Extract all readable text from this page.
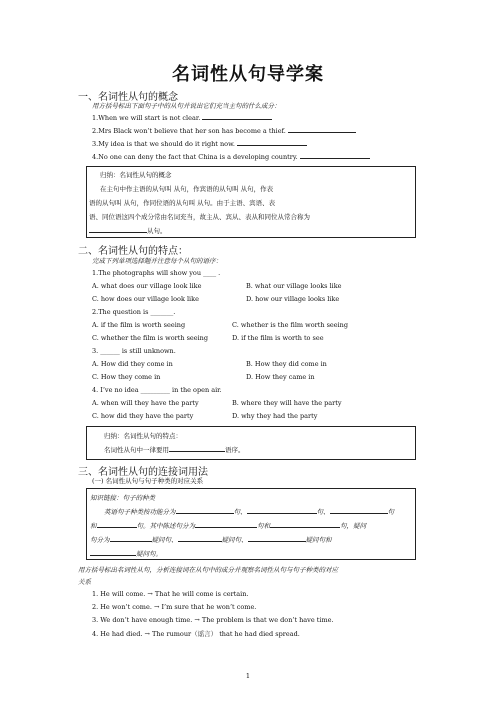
名词性从句导学案
一、名词性从句的概念
用方括号标出下面句子中的从句并说出它们充当主句的什么成分：
1.When we will start is not clear.
2.Mrs Black won’t believe that her son has become a thief.
3.My idea is that we should do it right now.
4.No one can deny the fact that China is a developing country.
归纳：名词性从句的概念
在主句中作主语的从句叫 从句，作宾语的从句叫 从句，作表
语的从句叫 从句，作同位语的从句叫 从句。由于主语、宾语、表
语、同位语这四个成分常由名词充当，故主从、宾从、表从和同位从常合称为
从句。
二、名词性从句的特点：
完成下列单项选择题并注意每个从句的语序：
1.The photographs will show you ____ .
A. what does our village look like	B. what our village looks like
C. how does our village look like	D. how our village looks like
2.The question is _______.
A. if the film is worth seeing	C. whether is the film worth seeing
C. whether the film is worth seeing	D. if the film is worth to see
3. ______ is still unknown.
A. How did they come in	B. How they did come in
C. How they come in	D. How they came in
4. I’ve no idea _________ in the open air.
A. when will they have the party	B. where they will have the party
C. how did they have the party	D. why they had the party
归纳：名词性从句的特点：
名词性从句中一律要用	语序。
三、名词性从句的连接词用法
(一) 名词性从句与句子种类的对应关系
知识链接：句子的种类
英语句子种类按功能分为	句、	句、	句
和	句。其中陈述句分为	句和	句，疑问
句分为	疑问句、	疑问句、	疑问句和
疑问句。
用方括号标出名词性从句，分析连接词在从句中的成分并观察名词性从句与句子种类的对应
关系
1. He will come. → That he will come is certain.
2. He won’t come. → I’m sure that he won’t come.
3. We don’t have enough time. → The problem is that we don’t have time.
4. He had died. → The rumour（谣言） that he had died spread.
1
